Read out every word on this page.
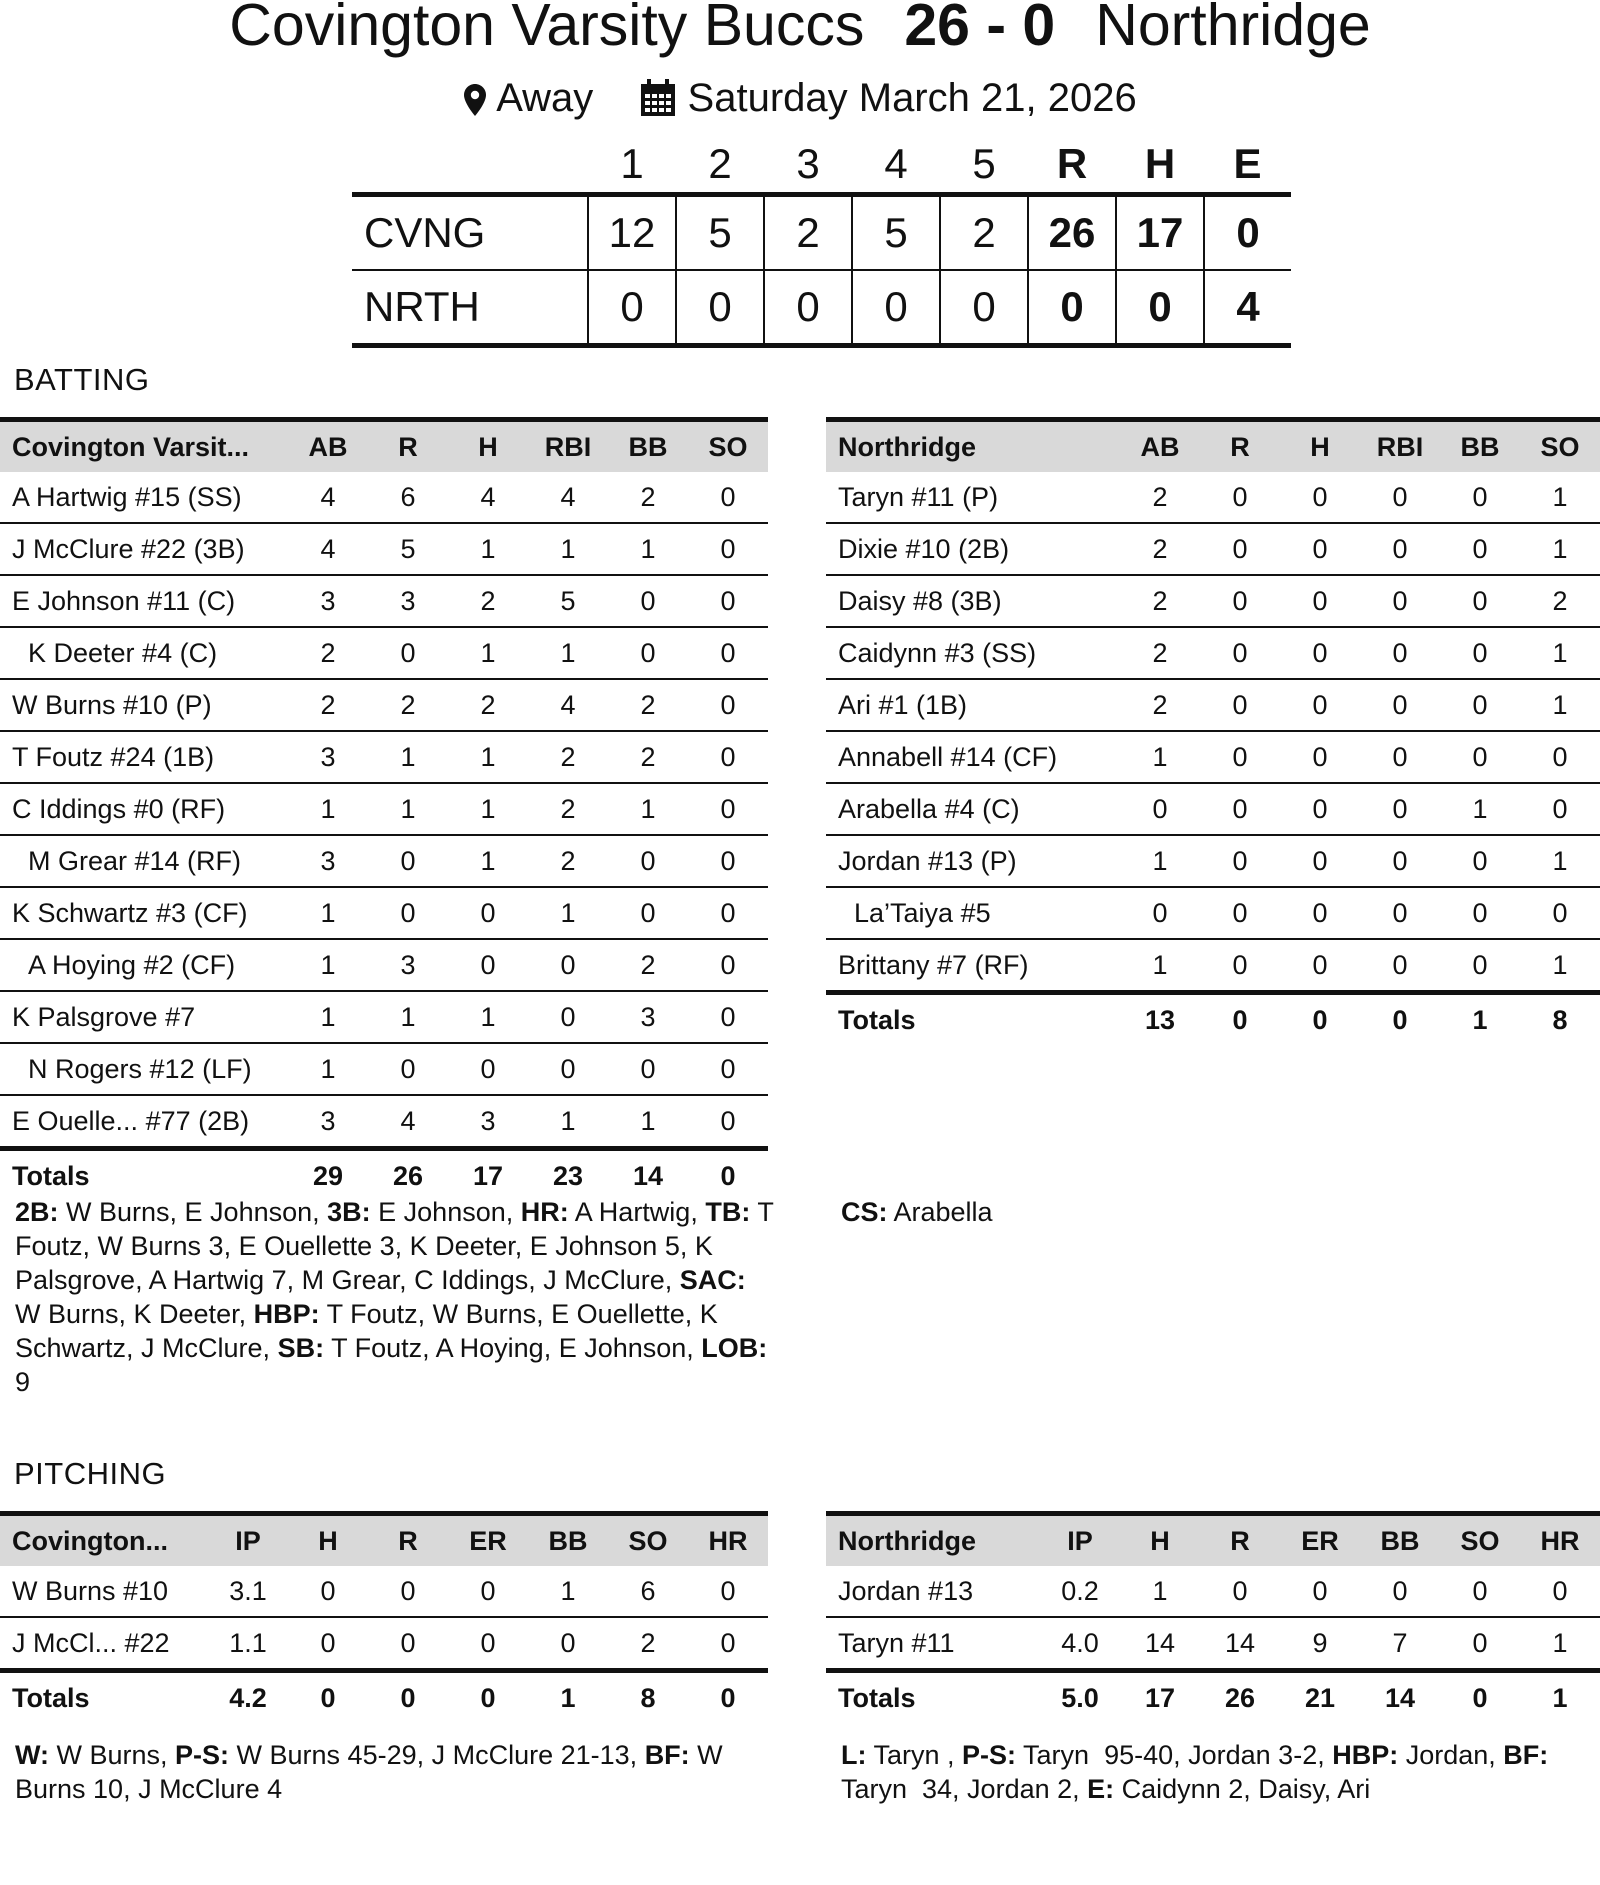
Covington Varsity Buccs 26 - 0 Northridge
Away Saturday March 21, 2026
	1	2	3	4	5	R	H	E
CVNG	12	5	2	5	2	26	17	0
NRTH	0	0	0	0	0	0	0	4
BATTING
Covington Varsit...	AB	R	H	RBI	BB	SO
A Hartwig #15 (SS)	4	6	4	4	2	0
J McClure #22 (3B)	4	5	1	1	1	0
E Johnson #11 (C)	3	3	2	5	0	0
K Deeter #4 (C)	2	0	1	1	0	0
W Burns #10 (P)	2	2	2	4	2	0
T Foutz #24 (1B)	3	1	1	2	2	0
C Iddings #0 (RF)	1	1	1	2	1	0
M Grear #14 (RF)	3	0	1	2	0	0
K Schwartz #3 (CF)	1	0	0	1	0	0
A Hoying #2 (CF)	1	3	0	0	2	0
K Palsgrove #7	1	1	1	0	3	0
N Rogers #12 (LF)	1	0	0	0	0	0
E Ouelle... #77 (2B)	3	4	3	1	1	0
Totals	29	26	17	23	14	0
Northridge	AB	R	H	RBI	BB	SO
Taryn #11 (P)	2	0	0	0	0	1
Dixie #10 (2B)	2	0	0	0	0	1
Daisy #8 (3B)	2	0	0	0	0	2
Caidynn #3 (SS)	2	0	0	0	0	1
Ari #1 (1B)	2	0	0	0	0	1
Annabell #14 (CF)	1	0	0	0	0	0
Arabella #4 (C)	0	0	0	0	1	0
Jordan #13 (P)	1	0	0	0	0	1
La’Taiya #5	0	0	0	0	0	0
Brittany #7 (RF)	1	0	0	0	0	1
Totals	13	0	0	0	1	8
2B: W Burns, E Johnson, 3B: E Johnson, HR: A Hartwig, TB: T Foutz, W Burns 3, E Ouellette 3, K Deeter, E Johnson 5, K Palsgrove, A Hartwig 7, M Grear, C Iddings, J McClure, SAC: W Burns, K Deeter, HBP: T Foutz, W Burns, E Ouellette, K Schwartz, J McClure, SB: T Foutz, A Hoying, E Johnson, LOB: 9
CS: Arabella
PITCHING
Covington...	IP	H	R	ER	BB	SO	HR
W Burns #10	3.1	0	0	0	1	6	0
J McCl... #22	1.1	0	0	0	0	2	0
Totals	4.2	0	0	0	1	8	0
Northridge	IP	H	R	ER	BB	SO	HR
Jordan #13	0.2	1	0	0	0	0	0
Taryn #11	4.0	14	14	9	7	0	1
Totals	5.0	17	26	21	14	0	1
W: W Burns, P-S: W Burns 45-29, J McClure 21-13, BF: W Burns 10, J McClure 4
L: Taryn , P-S: Taryn  95-40, Jordan 3-2, HBP: Jordan, BF: Taryn  34, Jordan 2, E: Caidynn 2, Daisy, Ari
